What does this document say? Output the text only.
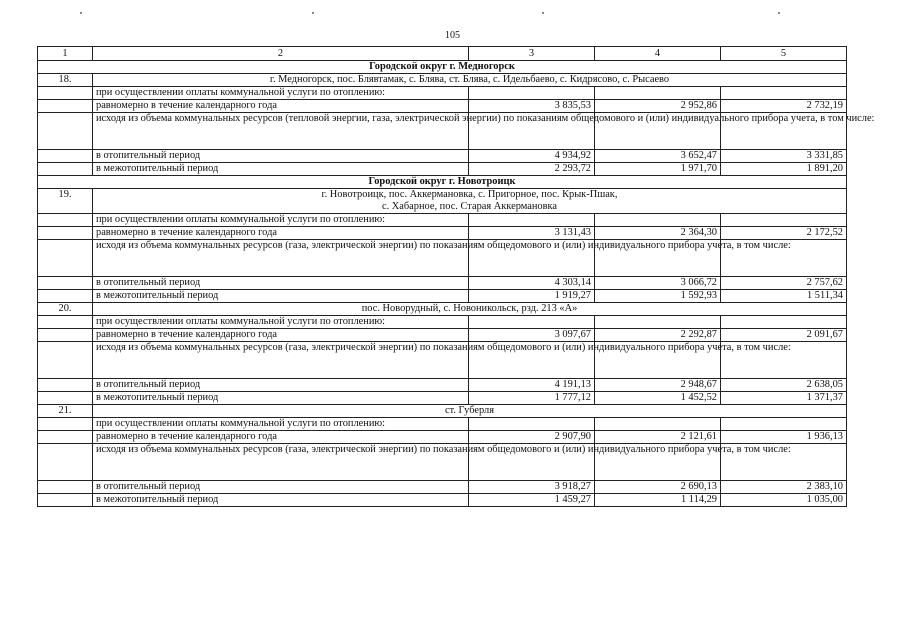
105
1	2	3	4	5
Городской округ г. Медногорск				
18.	г. Медногорск, пос. Блявтамак, с. Блява, ст. Блява, с. Идельбаево, с. Кидрясово, с. Рысаево			

	при осуществлении оплаты коммунальной услуги по отоплению:			
	равномерно в течение календарного года	3 835,53	2 952,86	2 732,19
	исходя из объема коммунальных ресурсов (тепловой энергии, газа, электрической энергии) по показаниям общедомового и (или) индивидуального прибора учета, в том числе:			
	в отопительный период	4 934,92	3 652,47	3 331,85
	в межотопительный период	2 293,72	1 971,70	1 891,20
Городской округ г. Новотроицк				
19.	г. Новотроицк, пос. Аккермановка, с. Пригорное, пос. Крык-Пшак,
с. Хабарное, пос. Старая Аккермановка			

	при осуществлении оплаты коммунальной услуги по отоплению:			
	равномерно в течение календарного года	3 131,43	2 364,30	2 172,52
	исходя из объема коммунальных ресурсов (газа, электрической энергии) по показаниям общедомового и (или) индивидуального прибора учета, в том числе:			
	в отопительный период	4 303,14	3 066,72	2 757,62
	в межотопительный период	1 919,27	1 592,93	1 511,34
20.	пос. Новорудный, с. Новоникольск, рзд. 213 «А»			

	при осуществлении оплаты коммунальной услуги по отоплению:			
	равномерно в течение календарного года	3 097,67	2 292,87	2 091,67
	исходя из объема коммунальных ресурсов (газа, электрической энергии) по показаниям общедомового и (или) индивидуального прибора учета, в том числе:			
	в отопительный период	4 191,13	2 948,67	2 638,05
	в межотопительный период	1 777,12	1 452,52	1 371,37
21.	ст. Губерля			

	при осуществлении оплаты коммунальной услуги по отоплению:			
	равномерно в течение календарного года	2 907,90	2 121,61	1 936,13
	исходя из объема коммунальных ресурсов (газа, электрической энергии) по показаниям общедомового и (или) индивидуального прибора учета, в том числе:			
	в отопительный период	3 918,27	2 690,13	2 383,10
	в межотопительный период	1 459,27	1 114,29	1 035,00
